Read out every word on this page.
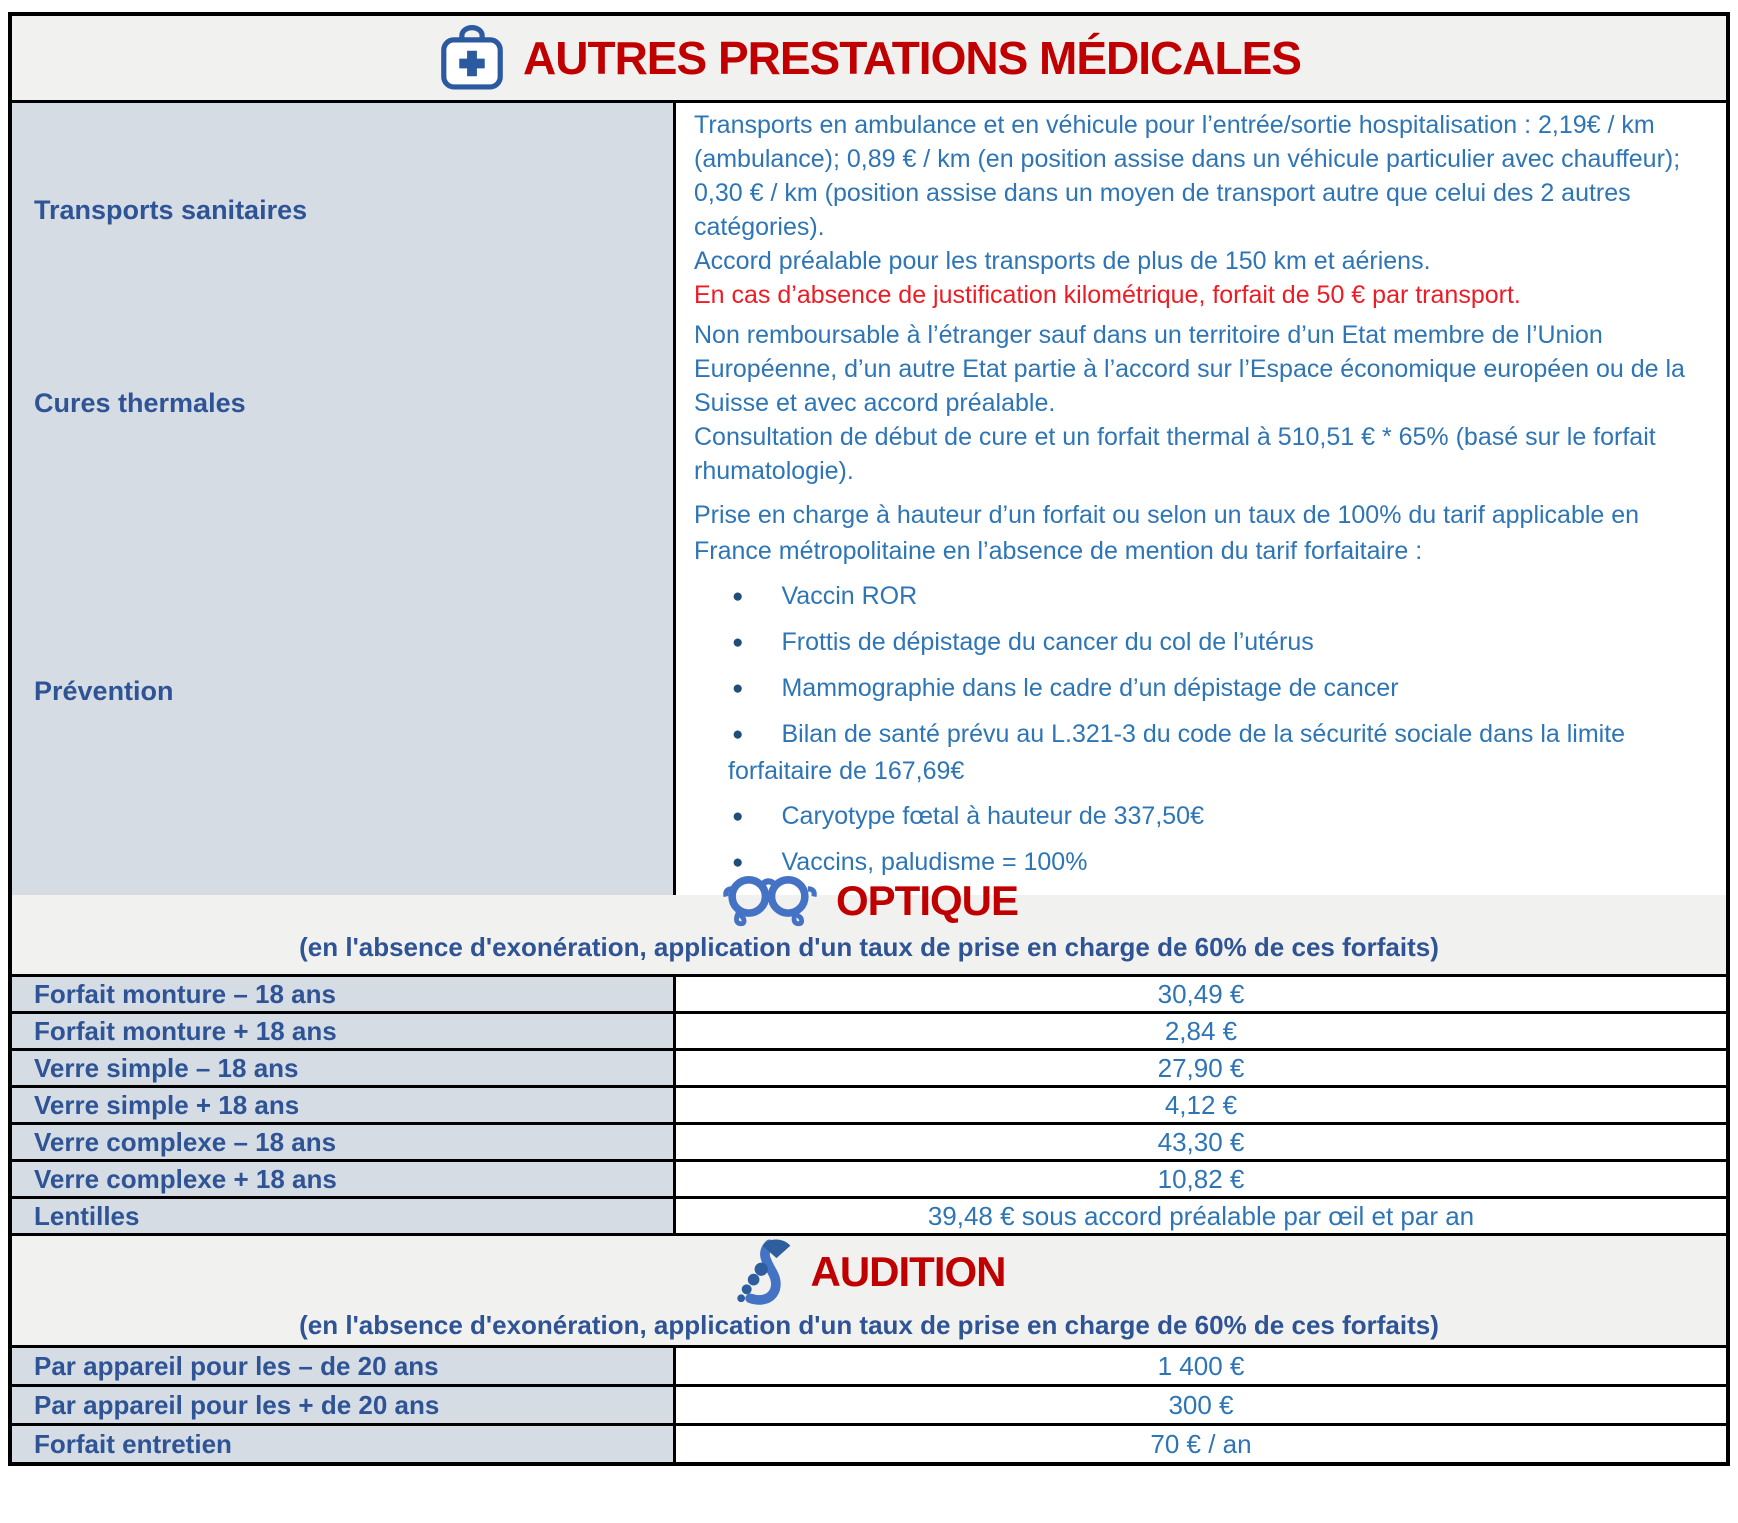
AUTRES PRESTATIONS MÉDICALES
Transports sanitaires
Transports en ambulance et en véhicule pour l’entrée/sortie hospitalisation : 2,19€ / km (ambulance); 0,89 € / km (en position assise dans un véhicule particulier avec chauffeur); 0,30 € / km (position assise dans un moyen de transport autre que celui des 2 autres catégories).
Accord préalable pour les transports de plus de 150 km et aériens.
En cas d’absence de justification kilométrique, forfait de 50 € par transport.
Cures thermales
Non remboursable à l’étranger sauf dans un territoire d’un Etat membre de l’Union Européenne, d’un autre Etat partie à l’accord sur l’Espace économique européen ou de la Suisse et avec accord préalable.
Consultation de début de cure et un forfait thermal à 510,51 € * 65% (basé sur le forfait rhumatologie).
Prévention
Prise en charge à hauteur d’un forfait ou selon un taux de 100% du tarif applicable en France métropolitaine en l’absence de mention du tarif forfaitaire :
● Vaccin ROR
● Frottis de dépistage du cancer du col de l’utérus
● Mammographie dans le cadre d’un dépistage de cancer
● Bilan de santé prévu au L.321-3 du code de la sécurité sociale dans la limite forfaitaire de 167,69€
● Caryotype fœtal à hauteur de 337,50€
● Vaccins, paludisme = 100%
OPTIQUE
(en l'absence d'exonération, application d'un taux de prise en charge de 60% de ces forfaits)
Forfait monture – 18 ans	30,49 €
Forfait monture + 18 ans	2,84 €
Verre simple – 18 ans	27,90 €
Verre simple + 18 ans	4,12 €
Verre complexe – 18 ans	43,30 €
Verre complexe + 18 ans	10,82 €
Lentilles	39,48 € sous accord préalable par œil et par an
AUDITION
(en l'absence d'exonération, application d'un taux de prise en charge de 60% de ces forfaits)
Par appareil pour les – de 20 ans	1 400 €
Par appareil pour les + de 20 ans	300 €
Forfait entretien	70 € / an
